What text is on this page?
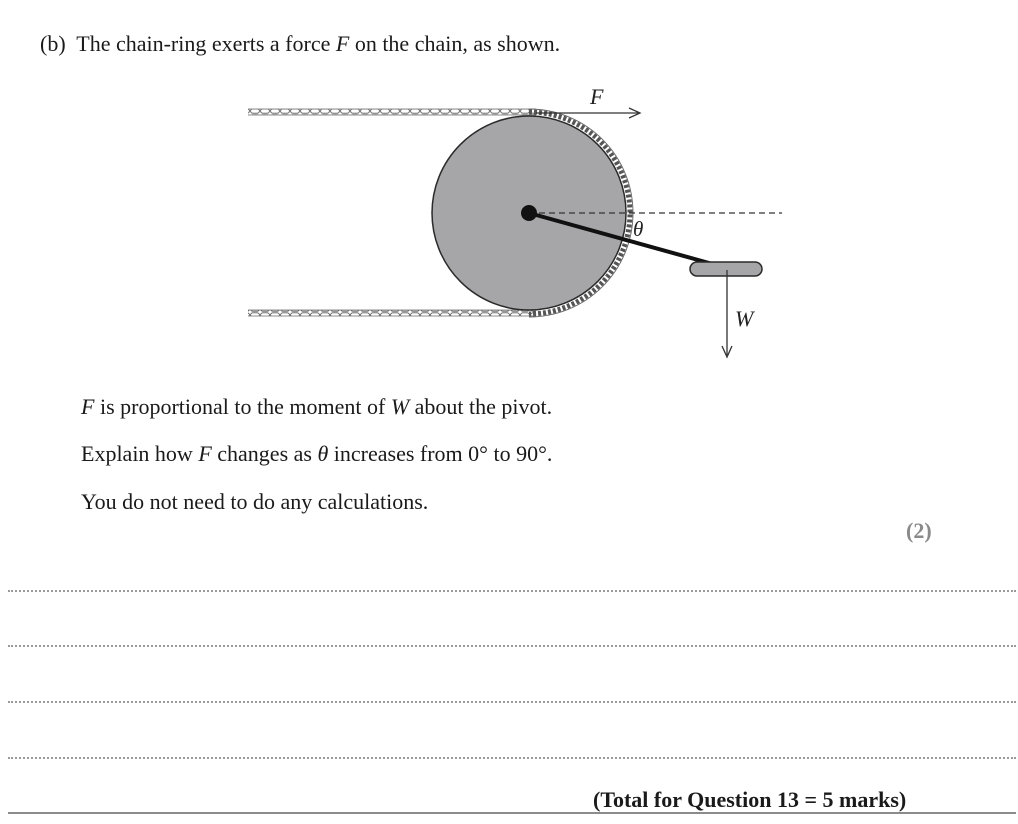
(b) The chain-ring exerts a force F on the chain, as shown.
F
W
θ
F is proportional to the moment of W about the pivot.
Explain how F changes as θ increases from 0° to 90°.
You do not need to do any calculations.
(2)
(Total for Question 13 = 5 marks)
